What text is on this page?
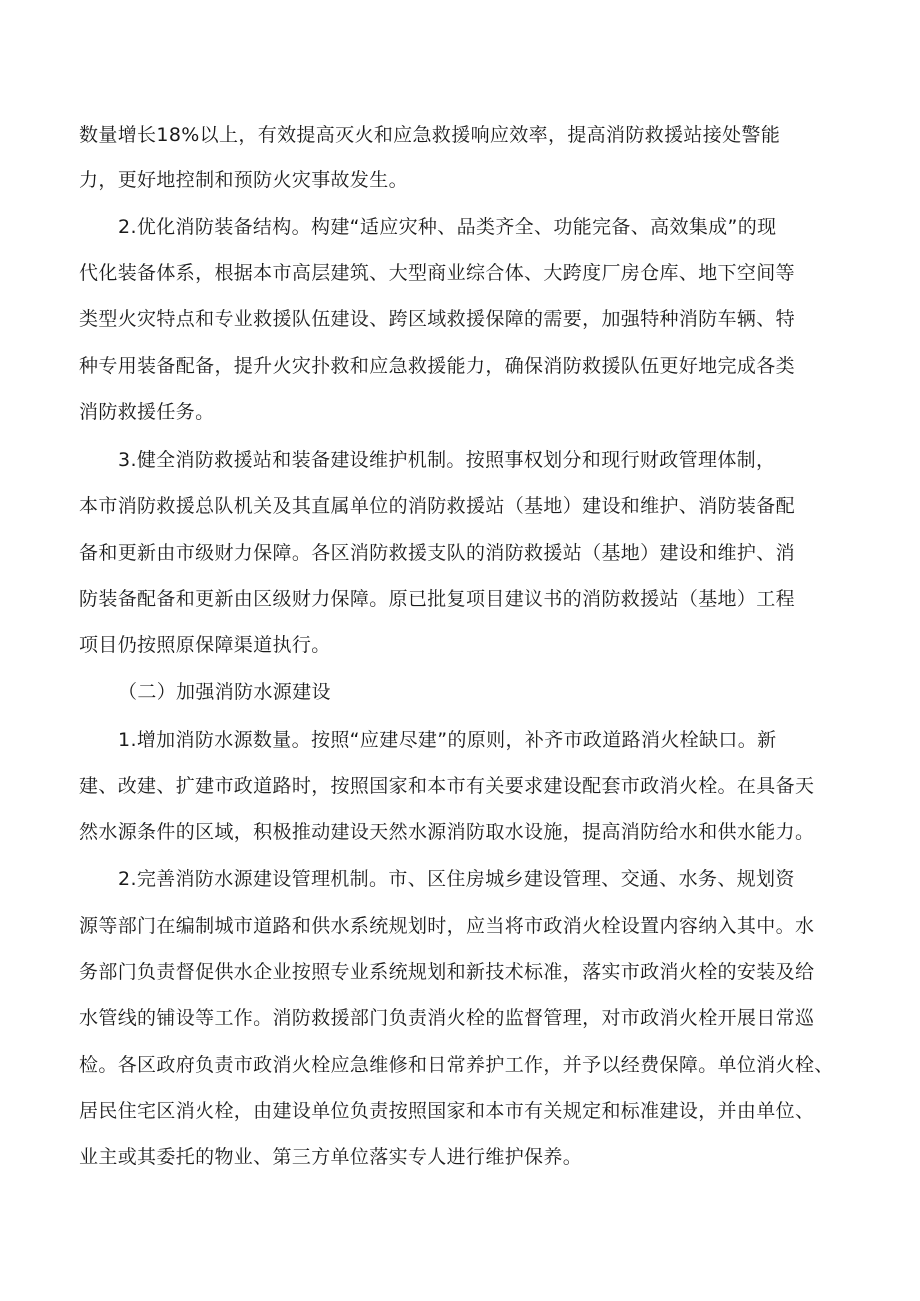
数量增长18%以上，有效提高灭火和应急救援响应效率，提高消防救援站接处警能

力，更好地控制和预防火灾事故发生。

2.优化消防装备结构。构建“适应灾种、品类齐全、功能完备、高效集成”的现

代化装备体系，根据本市高层建筑、大型商业综合体、大跨度厂房仓库、地下空间等

类型火灾特点和专业救援队伍建设、跨区域救援保障的需要，加强特种消防车辆、特

种专用装备配备，提升火灾扑救和应急救援能力，确保消防救援队伍更好地完成各类

消防救援任务。

3.健全消防救援站和装备建设维护机制。按照事权划分和现行财政管理体制，

本市消防救援总队机关及其直属单位的消防救援站（基地）建设和维护、消防装备配

备和更新由市级财力保障。各区消防救援支队的消防救援站（基地）建设和维护、消

防装备配备和更新由区级财力保障。原已批复项目建议书的消防救援站（基地）工程

项目仍按照原保障渠道执行。

（二）加强消防水源建设

1.增加消防水源数量。按照“应建尽建”的原则，补齐市政道路消火栓缺口。新

建、改建、扩建市政道路时，按照国家和本市有关要求建设配套市政消火栓。在具备天

然水源条件的区域，积极推动建设天然水源消防取水设施，提高消防给水和供水能力。

2.完善消防水源建设管理机制。市、区住房城乡建设管理、交通、水务、规划资

源等部门在编制城市道路和供水系统规划时，应当将市政消火栓设置内容纳入其中。水

务部门负责督促供水企业按照专业系统规划和新技术标准，落实市政消火栓的安装及给

水管线的铺设等工作。消防救援部门负责消火栓的监督管理，对市政消火栓开展日常巡

检。各区政府负责市政消火栓应急维修和日常养护工作，并予以经费保障。单位消火栓、

居民住宅区消火栓，由建设单位负责按照国家和本市有关规定和标准建设，并由单位、

业主或其委托的物业、第三方单位落实专人进行维护保养。
